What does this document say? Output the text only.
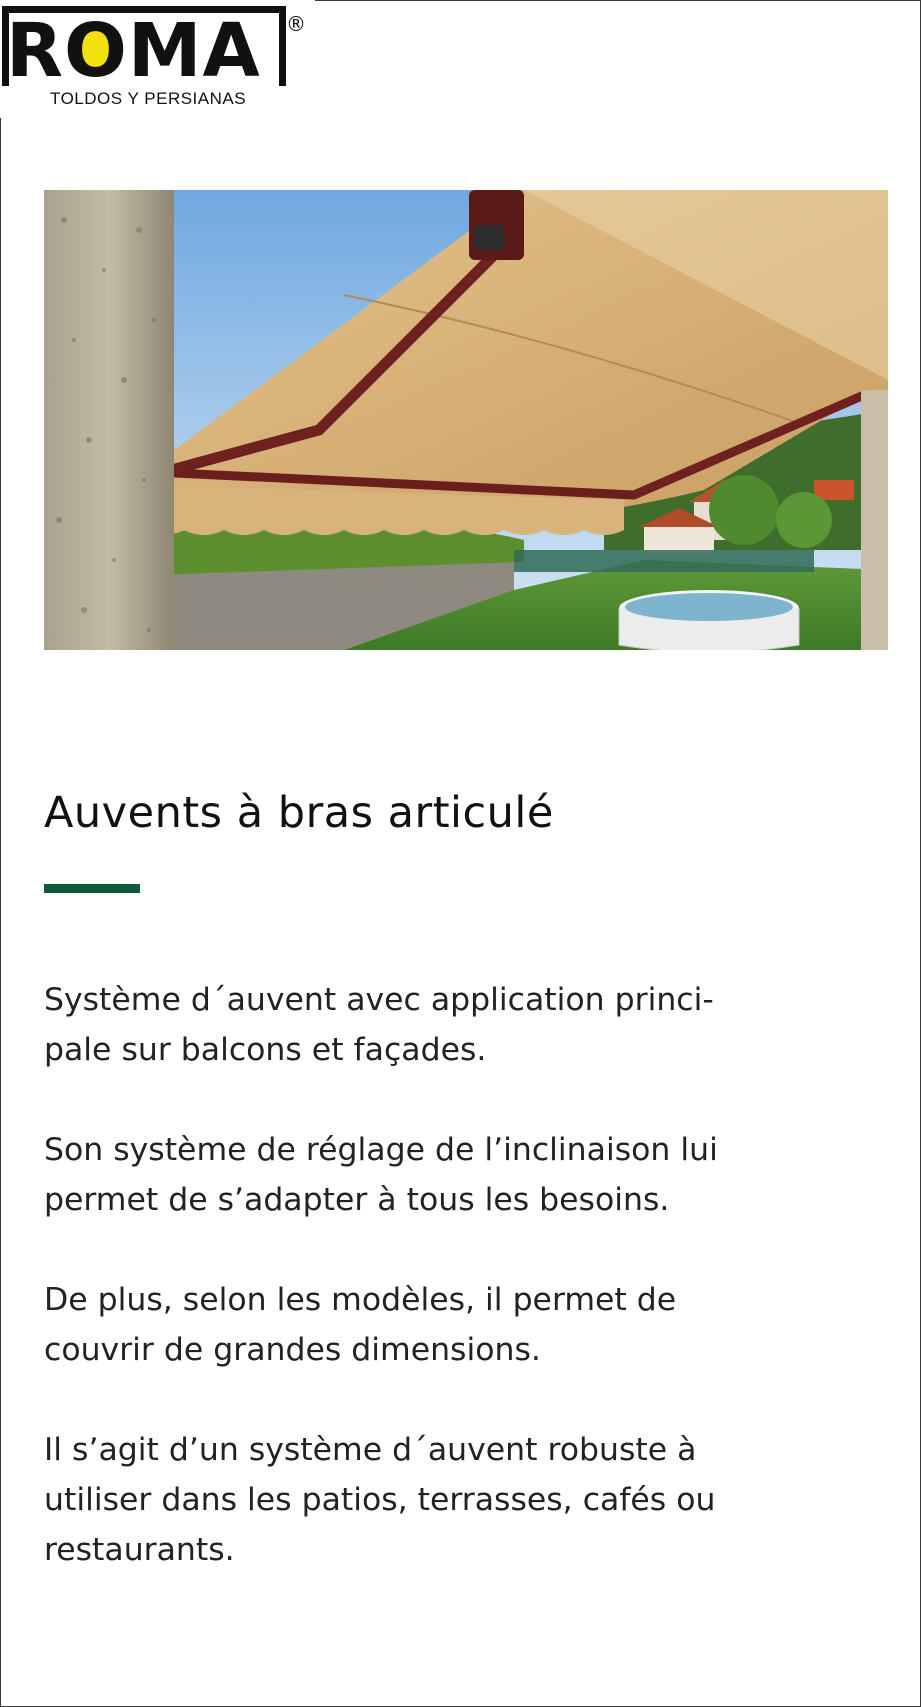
ROMA ®
TOLDOS Y PERSIANAS
Auvents à bras articulé

Système d´auvent avec application princi-
pale sur balcons et façades.

Son système de réglage de l’inclinaison lui
permet de s’adapter à tous les besoins.

De plus, selon les modèles, il permet de
couvrir de grandes dimensions.

Il s’agit d’un système d´auvent robuste à
utiliser dans les patios, terrasses, cafés ou
restaurants.
